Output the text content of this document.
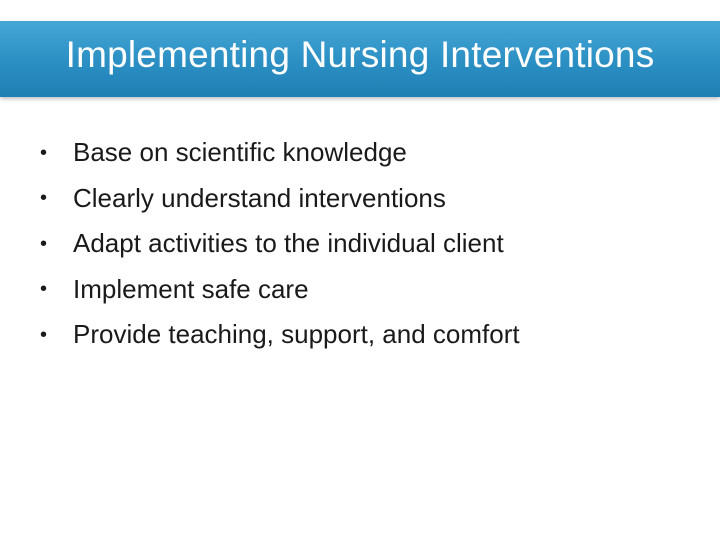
Implementing Nursing Interventions
• Base on scientific knowledge
• Clearly understand interventions
• Adapt activities to the individual client
• Implement safe care
• Provide teaching, support, and comfort
